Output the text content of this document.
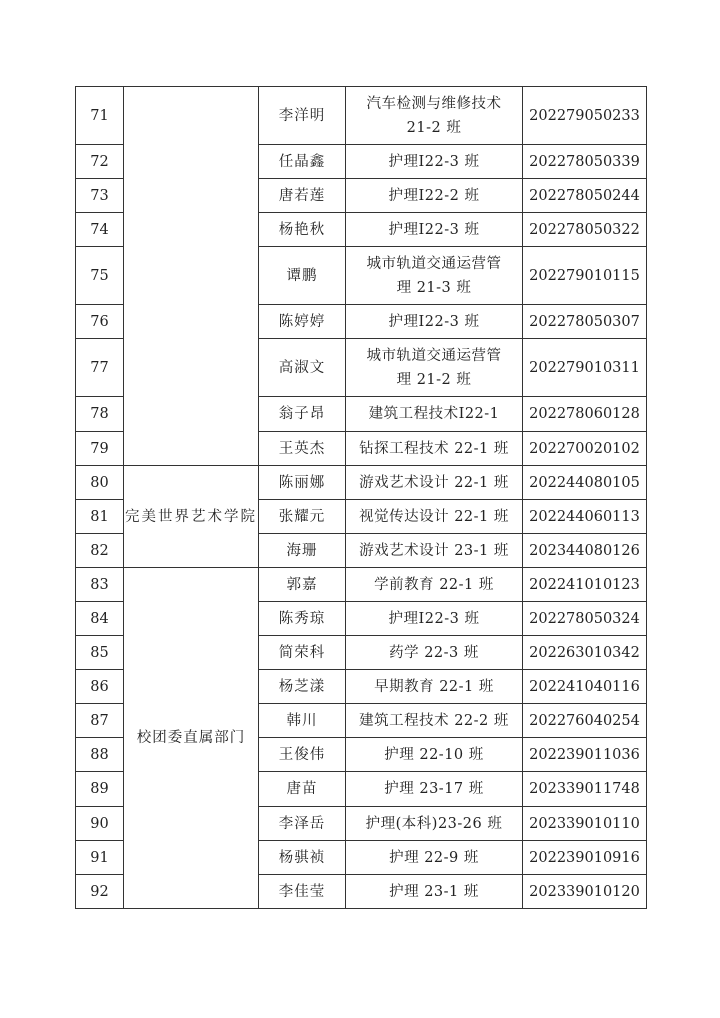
71		李洋明	汽车检测与维修技术21-2 班	202279050233
72		任晶鑫	护理Ⅰ22-3 班	202278050339
73		唐若莲	护理Ⅰ22-2 班	202278050244
74		杨艳秋	护理Ⅰ22-3 班	202278050322
75		谭鹏	城市轨道交通运营管理 21-3 班	202279010115
76		陈婷婷	护理Ⅰ22-3 班	202278050307
77		高淑文	城市轨道交通运营管理 21-2 班	202279010311
78		翁子昂	建筑工程技术Ⅰ22-1	202278060128
79		王英杰	钻探工程技术 22-1 班	202270020102
80	完美世界艺术学院	陈丽娜	游戏艺术设计 22-1 班	202244080105
81		张耀元	视觉传达设计 22-1 班	202244060113
82		海珊	游戏艺术设计 23-1 班	202344080126
83	校团委直属部门	郭嘉	学前教育 22-1 班	202241010123
84		陈秀琼	护理Ⅰ22-3 班	202278050324
85		简荣科	药学 22-3 班	202263010342
86		杨芝漾	早期教育 22-1 班	202241040116
87		韩川	建筑工程技术 22-2 班	202276040254
88		王俊伟	护理 22-10 班	202239011036
89		唐苗	护理 23-17 班	202339011748
90		李泽岳	护理(本科)23-26 班	202339010110
91		杨骐祯	护理 22-9 班	202239010916
92		李佳莹	护理 23-1 班	202339010120
